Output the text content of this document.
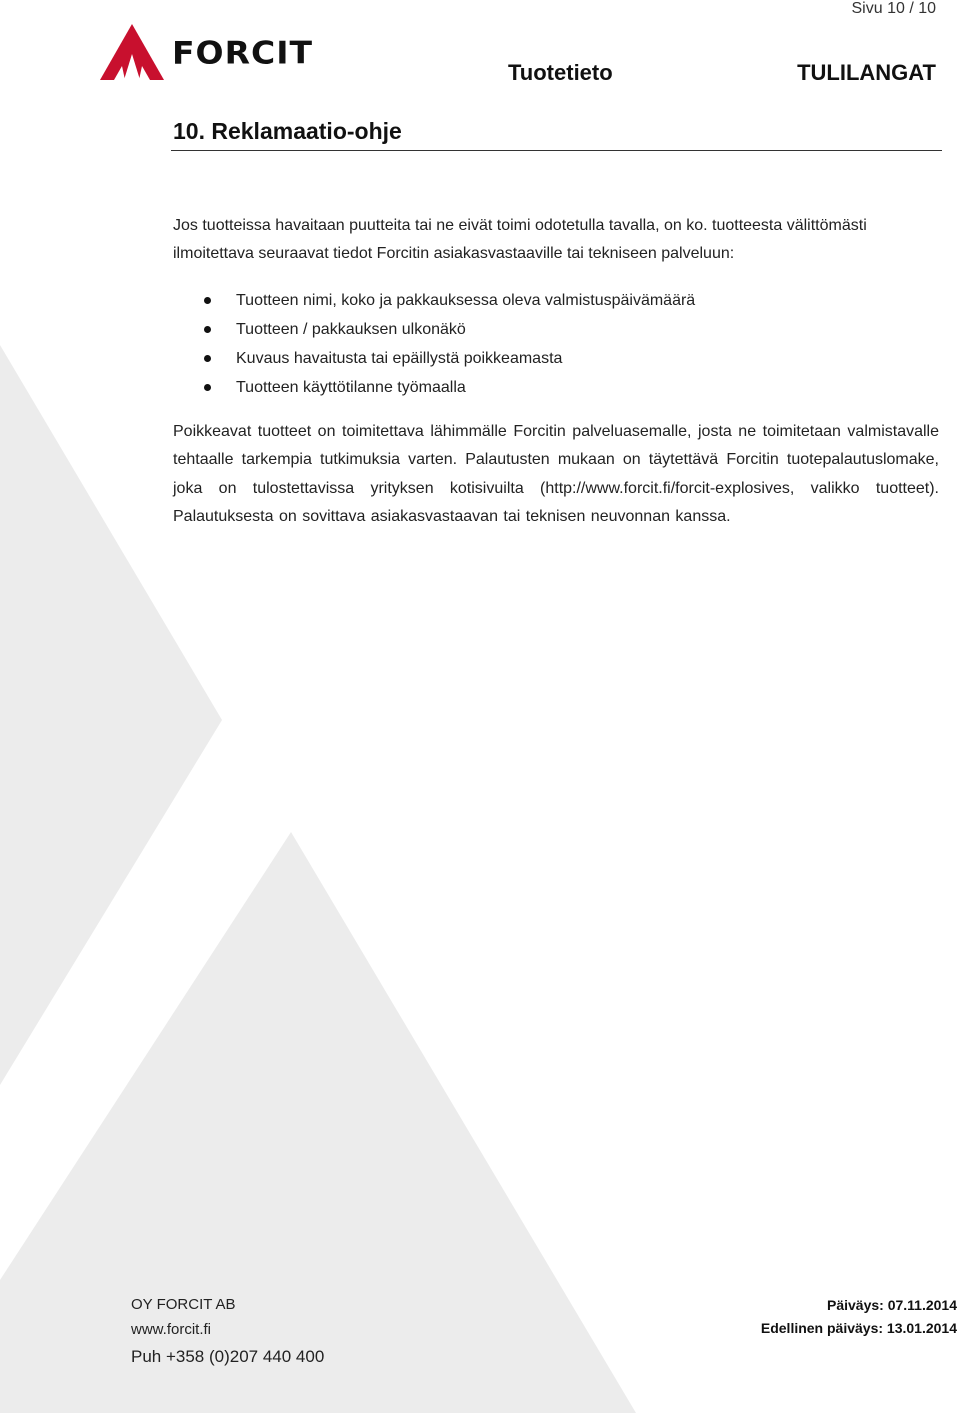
Sivu 10 / 10
FORCIT
Tuotetieto	TULILANGAT
10. Reklamaatio-ohje
Jos tuotteissa havaitaan puutteita tai ne eivät toimi odotetulla tavalla, on ko. tuotteesta välittömästi ilmoitettava seuraavat tiedot Forcitin asiakasvastaaville tai tekniseen palveluun:
Tuotteen nimi, koko ja pakkauksessa oleva valmistuspäivämäärä
Tuotteen / pakkauksen ulkonäkö
Kuvaus havaitusta tai epäillystä poikkeamasta
Tuotteen käyttötilanne työmaalla
Poikkeavat tuotteet on toimitettava lähimmälle Forcitin palveluasemalle, josta ne toimitetaan valmistavalle tehtaalle tarkempia tutkimuksia varten. Palautusten mukaan on täytettävä Forcitin tuotepalautuslomake, joka on tulostettavissa yrityksen kotisivuilta (http://www.forcit.fi/forcit-explosives, valikko tuotteet). Palautuksesta on sovittava asiakasvastaavan tai teknisen neuvonnan kanssa.
OY FORCIT AB
www.forcit.fi
Puh +358 (0)207 440 400
Päiväys: 07.11.2014
Edellinen päiväys: 13.01.2014
